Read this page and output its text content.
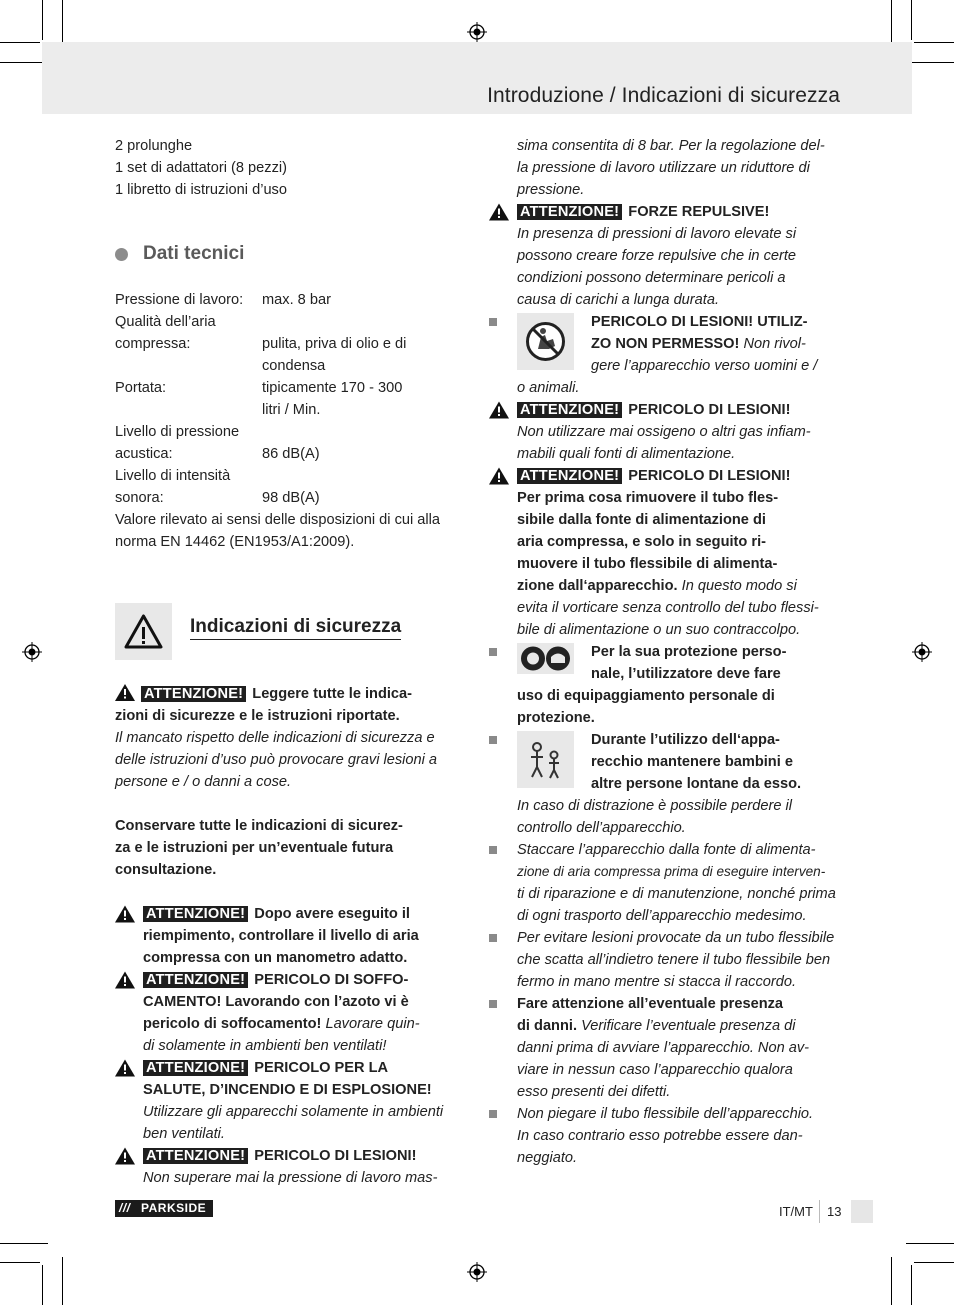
Introduzione / Indicazioni di sicurezza

2 prolunghe

1 set di adattatori (8 pezzi)

1 libretto di istruzioni d’uso

Dati tecnici
Pressione di lavoro:	max. 8 bar
Qualità dell’aria
compressa:	pulita, priva di olio e di
condensa
Portata:	tipicamente 170 - 300
litri / Min.
Livello di pressione
acustica:	86 dB(A)
Livello di intensità
sonora:	98 dB(A)

Valore rilevato ai sensi delle disposizioni di cui alla

norma EN 14462 (EN1953/A1:2009).

Indicazioni di sicurezza

ATTENZIONE! Leggere tutte le indica-

zioni di sicurezze e le istruzioni riportate.

Il mancato rispetto delle indicazioni di sicurezza e

delle istruzioni d’uso può provocare gravi lesioni a

persone e / o danni a cose.

Conservare tutte le indicazioni di sicurez-

za e le istruzioni per un’eventuale futura

consultazione.

ATTENZIONE! Dopo avere eseguito il

riempimento, controllare il livello di aria

compressa con un manometro adatto.

ATTENZIONE! PERICOLO DI SOFFO-

CAMENTO! Lavorando con l’azoto vi è

pericolo di soffocamento! Lavorare quin-

di solamente in ambienti ben ventilati!

ATTENZIONE! PERICOLO PER LA

SALUTE, D’INCENDIO E DI ESPLOSIONE!

Utilizzare gli apparecchi solamente in ambienti

ben ventilati.

ATTENZIONE! PERICOLO DI LESIONI!

Non superare mai la pressione di lavoro mas-

sima consentita di 8 bar. Per la regolazione del-

la pressione di lavoro utilizzare un riduttore di

pressione.

ATTENZIONE! FORZE REPULSIVE!

In presenza di pressioni di lavoro elevate si

possono creare forze repulsive che in certe

condizioni possono determinare pericoli a

causa di carichi a lunga durata.

PERICOLO DI LESIONI! UTILIZ-

ZO NON PERMESSO! Non rivol-

gere l’apparecchio verso uomini e /

o animali.

ATTENZIONE! PERICOLO DI LESIONI!

Non utilizzare mai ossigeno o altri gas infiam-

mabili quali fonti di alimentazione.

ATTENZIONE! PERICOLO DI LESIONI!

Per prima cosa rimuovere il tubo fles-

sibile dalla fonte di alimentazione di

aria compressa, e solo in seguito ri-

muovere il tubo flessibile di alimenta-

zione dall‘apparecchio. In questo modo si

evita il vorticare senza controllo del tubo flessi-

bile di alimentazione o un suo contraccolpo.

Per la sua protezione perso-

nale, l’utilizzatore deve fare

uso di equipaggiamento personale di

protezione.

Durante l’utilizzo dell‘appa-

recchio mantenere bambini e

altre persone lontane da esso.

In caso di distrazione è possibile perdere il

controllo dell’apparecchio.

Staccare l’apparecchio dalla fonte di alimenta-

zione di aria compressa prima di eseguire interven-

ti di riparazione e di manutenzione, nonché prima

di ogni trasporto dell’apparecchio medesimo.

Per evitare lesioni provocate da un tubo flessibile

che scatta all’indietro tenere il tubo flessibile ben

fermo in mano mentre si stacca il raccordo.

Fare attenzione all’eventuale presenza

di danni. Verificare l’eventuale presenza di

danni prima di avviare l’apparecchio. Non av-

viare in nessun caso l’apparecchio qualora

esso presenti dei difetti.

Non piegare il tubo flessibile dell’apparecchio.

In caso contrario esso potrebbe essere dan-

neggiato.

/// PARKSIDE	IT/MT 13
